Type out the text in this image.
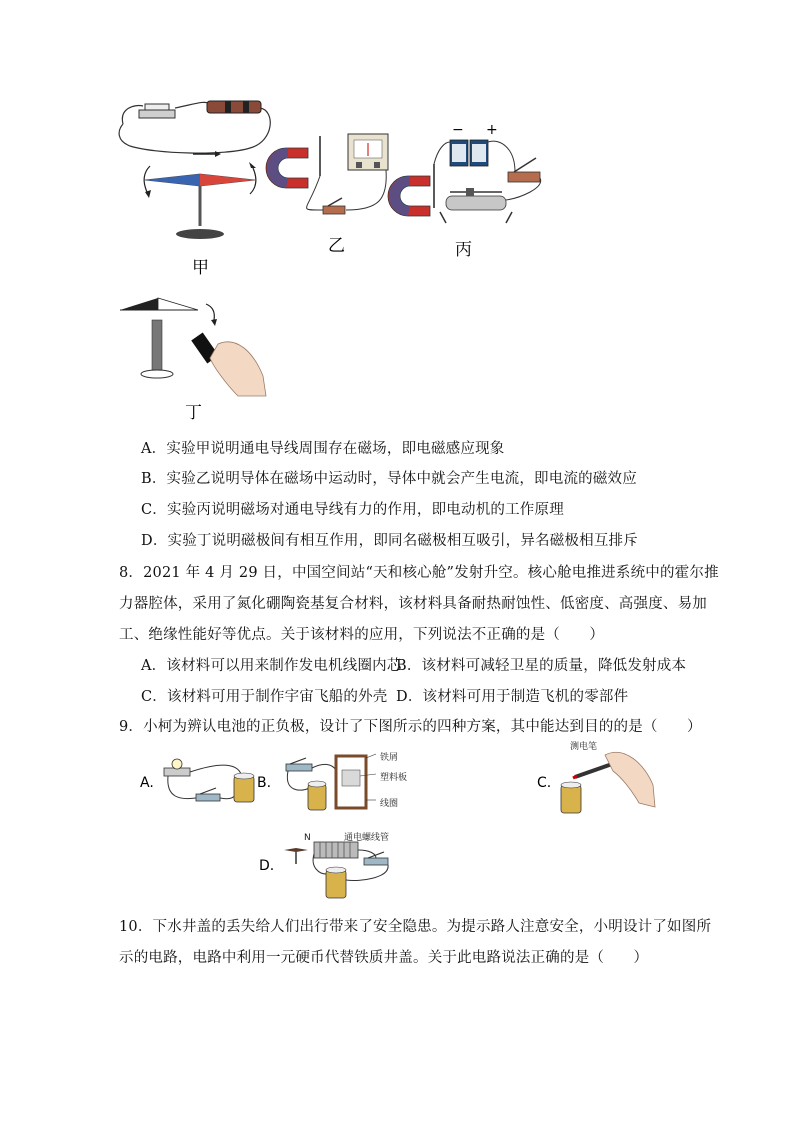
甲
乙
− +
丙
丁
A．实验甲说明通电导线周围存在磁场，即电磁感应现象
B．实验乙说明导体在磁场中运动时，导体中就会产生电流，即电流的磁效应
C．实验丙说明磁场对通电导线有力的作用，即电动机的工作原理
D．实验丁说明磁极间有相互作用，即同名磁极相互吸引，异名磁极相互排斥
8．2021 年 4 月 29 日，中国空间站“天和核心舱”发射升空。核心舱电推进系统中的霍尔推
力器腔体，采用了氮化硼陶瓷基复合材料，该材料具备耐热耐蚀性、低密度、高强度、易加
工、绝缘性能好等优点。关于该材料的应用，下列说法不正确的是（　　）
A．该材料可以用来制作发电机线圈内芯
B．该材料可减轻卫星的质量，降低发射成本
C．该材料可用于制作宇宙飞船的外壳 D．该材料可用于制造飞机的零部件
9．小柯为辨认电池的正负极，设计了下图所示的四种方案，其中能达到目的的是（　　）
A.	B.
铁屑
塑料板
线圈
C.
测电笔
D.
N	通电螺线管
10．下水井盖的丢失给人们出行带来了安全隐患。为提示路人注意安全，小明设计了如图所
示的电路，电路中利用一元硬币代替铁质井盖。关于此电路说法正确的是（　　）
